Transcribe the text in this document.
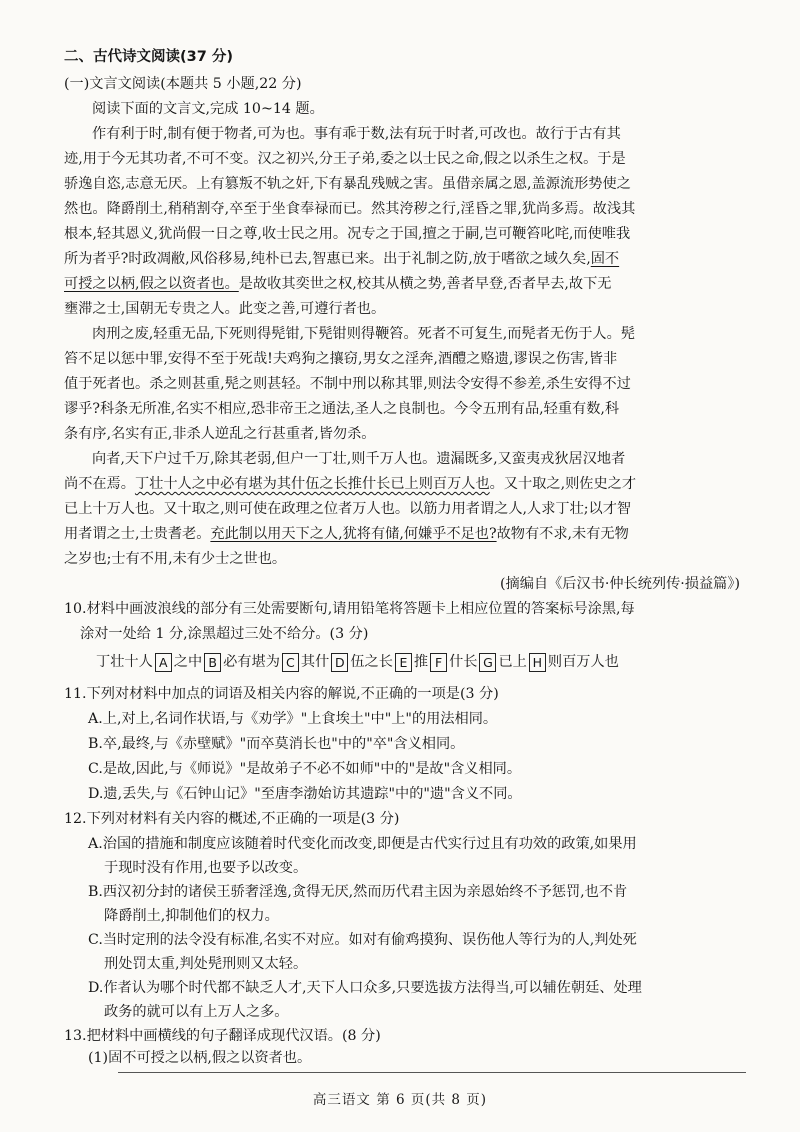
二、古代诗文阅读(37 分)
(一)文言文阅读(本题共 5 小题,22 分)
阅读下面的文言文,完成 10~14 题。
作有利于时,制有便于物者,可为也。事有乖于数,法有玩于时者,可改也。故行于古有其
迹,用于今无其功者,不可不变。汉之初兴,分王子弟,委之以士民之命,假之以杀生之权。于是
骄逸自恣,志意无厌。上有篡叛不轨之奸,下有暴乱残贼之害。虽借亲属之恩,盖源流形势使之
然也。降爵削土,稍稍割夺,卒至于坐食奉禄而已。然其洿秽之行,淫昏之罪,犹尚多焉。故浅其
根本,轻其恩义,犹尚假一日之尊,收士民之用。况专之于国,擅之于嗣,岂可鞭笞叱咤,而使唯我
所为者乎?时政凋敝,风俗移易,纯朴已去,智惠已来。出于礼制之防,放于嗜欲之域久矣,固不
可授之以柄,假之以资者也。是故收其奕世之权,校其从横之势,善者早登,否者早去,故下无
壅滞之士,国朝无专贵之人。此变之善,可遵行者也。
肉刑之废,轻重无品,下死则得髡钳,下髡钳则得鞭笞。死者不可复生,而髡者无伤于人。髡
笞不足以惩中罪,安得不至于死哉!夫鸡狗之攘窃,男女之淫奔,酒醴之赂遗,谬误之伤害,皆非
值于死者也。杀之则甚重,髡之则甚轻。不制中刑以称其罪,则法令安得不参差,杀生安得不过
谬乎?科条无所准,名实不相应,恐非帝王之通法,圣人之良制也。今令五刑有品,轻重有数,科
条有序,名实有正,非杀人逆乱之行甚重者,皆勿杀。
向者,天下户过千万,除其老弱,但户一丁壮,则千万人也。遗漏既多,又蛮夷戎狄居汉地者
尚不在焉。丁壮十人之中必有堪为其什伍之长推什长已上则百万人也。又十取之,则佐史之才
已上十万人也。又十取之,则可使在政理之位者万人也。以筋力用者谓之人,人求丁壮;以才智
用者谓之士,士贵耆老。充此制以用天下之人,犹将有储,何嫌乎不足也?故物有不求,未有无物
之岁也;士有不用,未有少士之世也。
(摘编自《后汉书·仲长统列传·损益篇》)
10.材料中画波浪线的部分有三处需要断句,请用铅笔将答题卡上相应位置的答案标号涂黑,每
涂对一处给 1 分,涂黑超过三处不给分。(3 分)
丁壮十人 A 之中 B 必有堪为 C 其什 D 伍之长 E 推 F 什长 G 已上 H 则百万人也
11.下列对材料中加点的词语及相关内容的解说,不正确的一项是(3 分)
A.上,对上,名词作状语,与《劝学》"上食埃土"中"上"的用法相同。
B.卒,最终,与《赤壁赋》"而卒莫消长也"中的"卒"含义相同。
C.是故,因此,与《师说》"是故弟子不必不如师"中的"是故"含义相同。
D.遗,丢失,与《石钟山记》"至唐李渤始访其遗踪"中的"遗"含义不同。
12.下列对材料有关内容的概述,不正确的一项是(3 分)
A.治国的措施和制度应该随着时代变化而改变,即便是古代实行过且有功效的政策,如果用
于现时没有作用,也要予以改变。
B.西汉初分封的诸侯王骄奢淫逸,贪得无厌,然而历代君主因为亲恩始终不予惩罚,也不肯
降爵削土,抑制他们的权力。
C.当时定刑的法令没有标准,名实不对应。如对有偷鸡摸狗、误伤他人等行为的人,判处死
刑处罚太重,判处髡刑则又太轻。
D.作者认为哪个时代都不缺乏人才,天下人口众多,只要选拔方法得当,可以辅佐朝廷、处理
政务的就可以有上万人之多。
13.把材料中画横线的句子翻译成现代汉语。(8 分)
(1)固不可授之以柄,假之以资者也。
高三语文 第 6 页(共 8 页)
